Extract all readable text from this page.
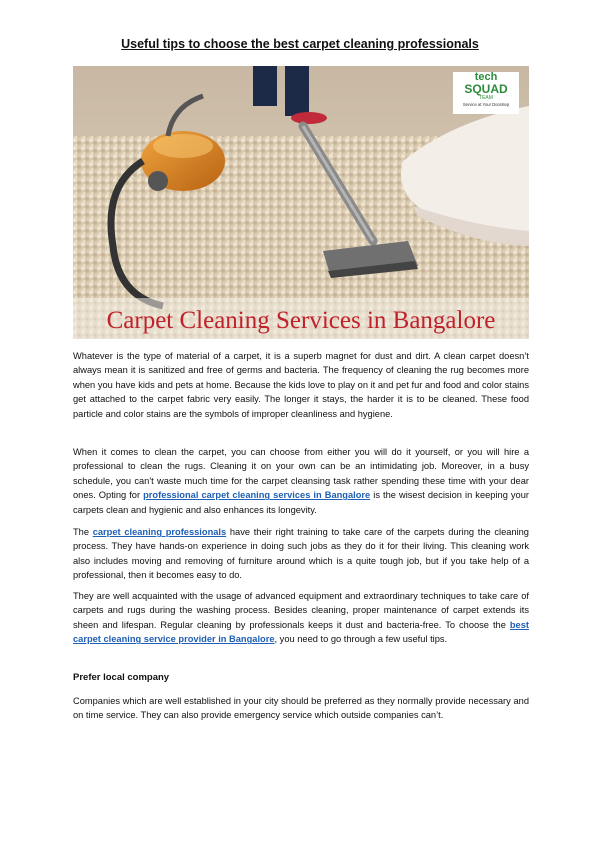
Useful tips to choose the best carpet cleaning professionals
Carpet Cleaning Services in Bangalore
tech
SQUAD
TEAM
Service at Your Doorstep

Whatever is the type of material of a carpet, it is a superb magnet for dust and dirt. A clean carpet doesn’t always mean it is sanitized and free of germs and bacteria. The frequency of cleaning the rug becomes more when you have kids and pets at home. Because the kids love to play on it and pet fur and food and color stains get attached to the carpet fabric very easily. The longer it stays, the harder it is to be cleaned. These food particle and color stains are the symbols of improper cleanliness and hygiene.

When it comes to clean the carpet, you can choose from either you will do it yourself, or you will hire a professional to clean the rugs. Cleaning it on your own can be an intimidating job. Moreover, in a busy schedule, you can't waste much time for the carpet cleansing task rather spending these time with your dear ones. Opting for professional carpet cleaning services in Bangalore is the wisest decision in keeping your carpets clean and hygienic and also enhances its longevity.

The carpet cleaning professionals have their right training to take care of the carpets during the cleaning process. They have hands-on experience in doing such jobs as they do it for their living. This cleaning work also includes moving and removing of furniture around which is a quite tough job, but if you take help of a professional, then it becomes easy to do.

They are well acquainted with the usage of advanced equipment and extraordinary techniques to take care of carpets and rugs during the washing process. Besides cleaning, proper maintenance of carpet extends its sheen and lifespan. Regular cleaning by professionals keeps it dust and bacteria-free. To choose the best carpet cleaning service provider in Bangalore, you need to go through a few useful tips.

Prefer local company

Companies which are well established in your city should be preferred as they normally provide necessary and on time service. They can also provide emergency service which outside companies can’t.
